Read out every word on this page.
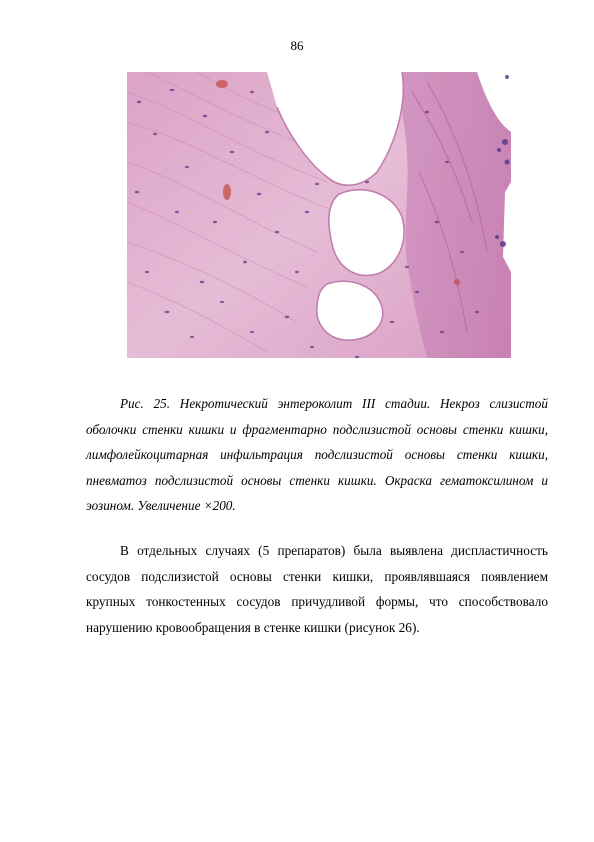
86

Рис. 25. Некротический энтероколит III стадии. Некроз слизистой оболочки стенки кишки и фрагментарно подслизистой основы стенки кишки, лимфолейкоцитарная инфильтрация подслизистой основы стенки кишки, пневматоз подслизистой основы стенки кишки. Окраска гематоксилином и эозином. Увеличение ×200.

В отдельных случаях (5 препаратов) была выявлена диспластичность сосудов подслизистой основы стенки кишки, проявлявшаяся появлением крупных тонкостенных сосудов причудливой формы, что способствовало нарушению кровообращения в стенке кишки (рисунок 26).
